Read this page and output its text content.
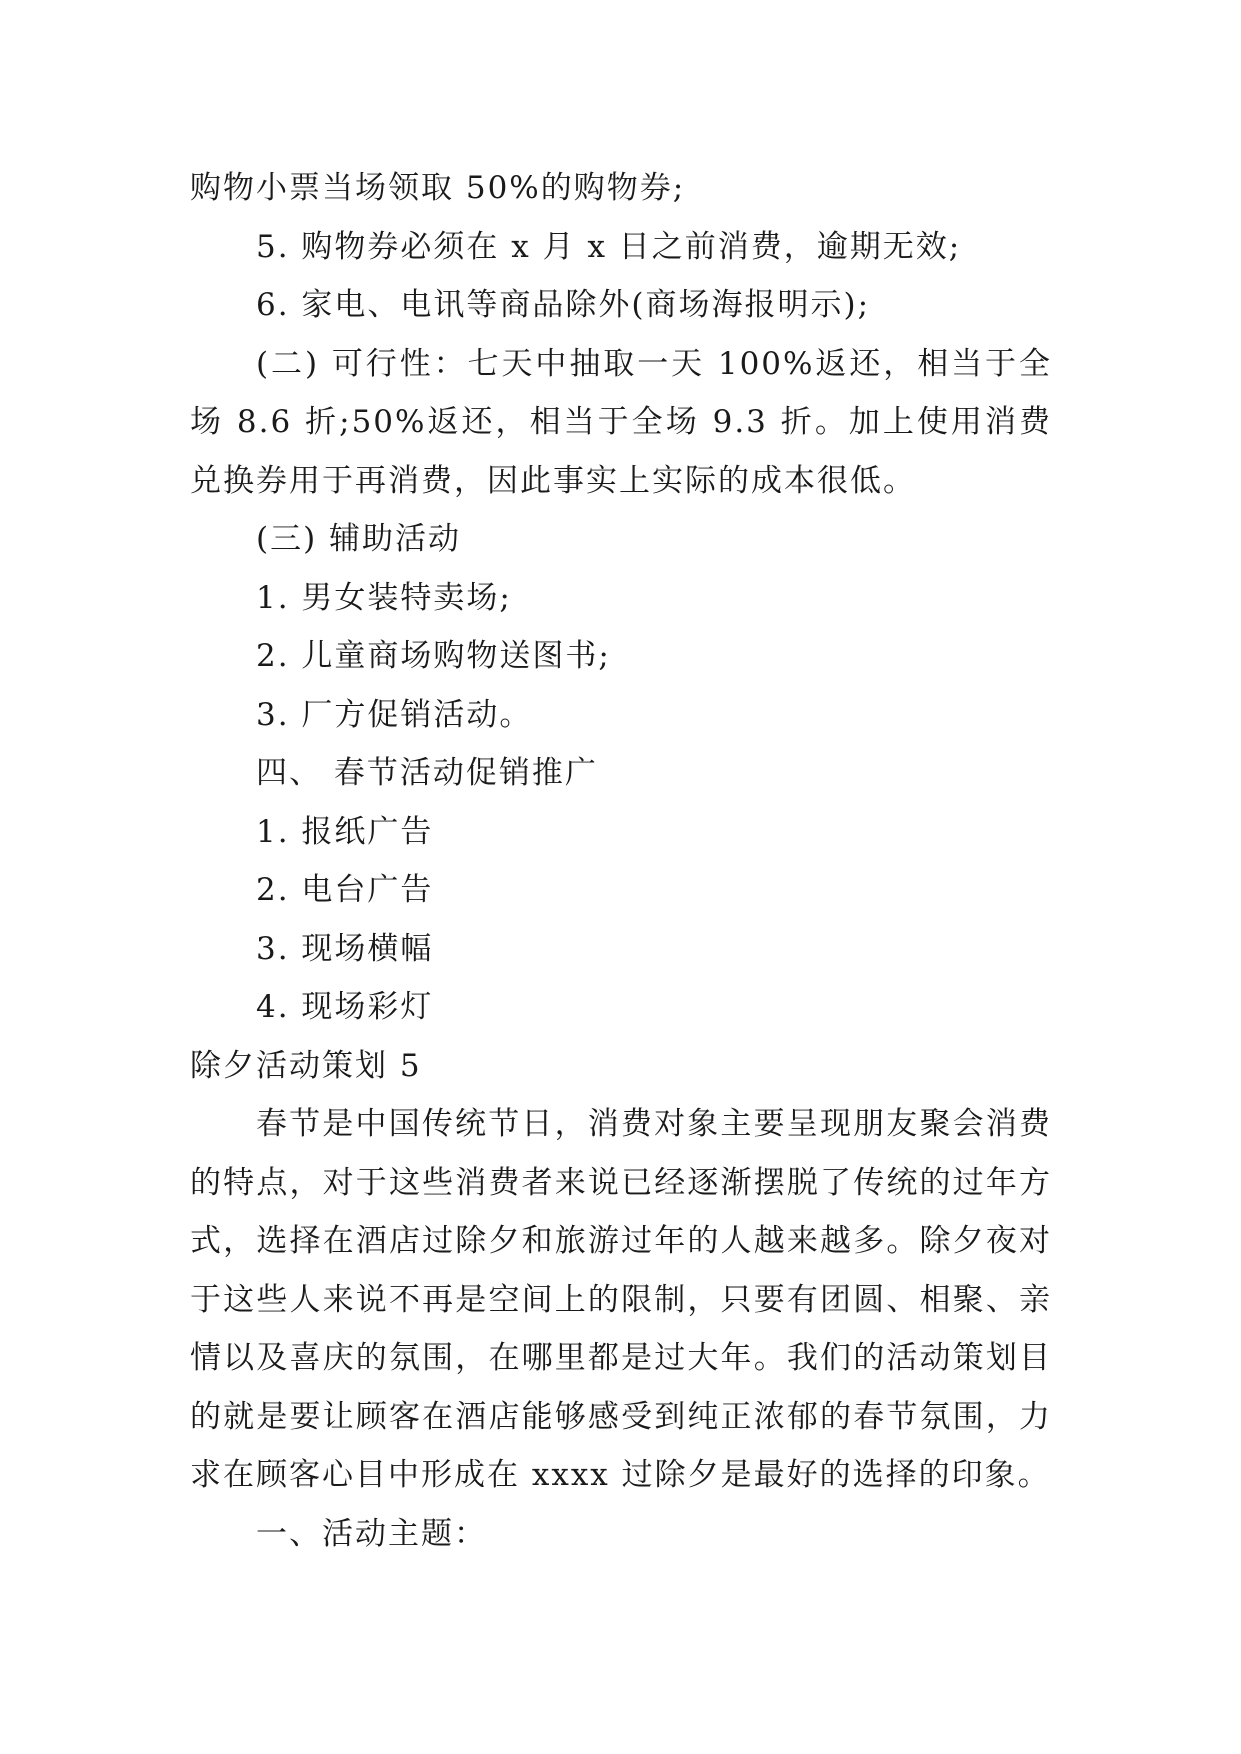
购物小票当场领取 50%的购物券;
5. 购物券必须在 x 月 x 日之前消费，逾期无效;
6. 家电、电讯等商品除外(商场海报明示);
(二) 可行性：七天中抽取一天 100%返还，相当于全场 8.6 折;50%返还，相当于全场 9.3 折。加上使用消费兑换券用于再消费，因此事实上实际的成本很低。
(三) 辅助活动
1. 男女装特卖场;
2. 儿童商场购物送图书;
3. 厂方促销活动。
四、 春节活动促销推广
1. 报纸广告
2. 电台广告
3. 现场横幅
4. 现场彩灯
除夕活动策划 5
春节是中国传统节日，消费对象主要呈现朋友聚会消费的特点，对于这些消费者来说已经逐渐摆脱了传统的过年方式，选择在酒店过除夕和旅游过年的人越来越多。除夕夜对于这些人来说不再是空间上的限制，只要有团圆、相聚、亲情以及喜庆的氛围，在哪里都是过大年。我们的活动策划目的就是要让顾客在酒店能够感受到纯正浓郁的春节氛围，力求在顾客心目中形成在 xxxx 过除夕是最好的选择的印象。
一、活动主题：
